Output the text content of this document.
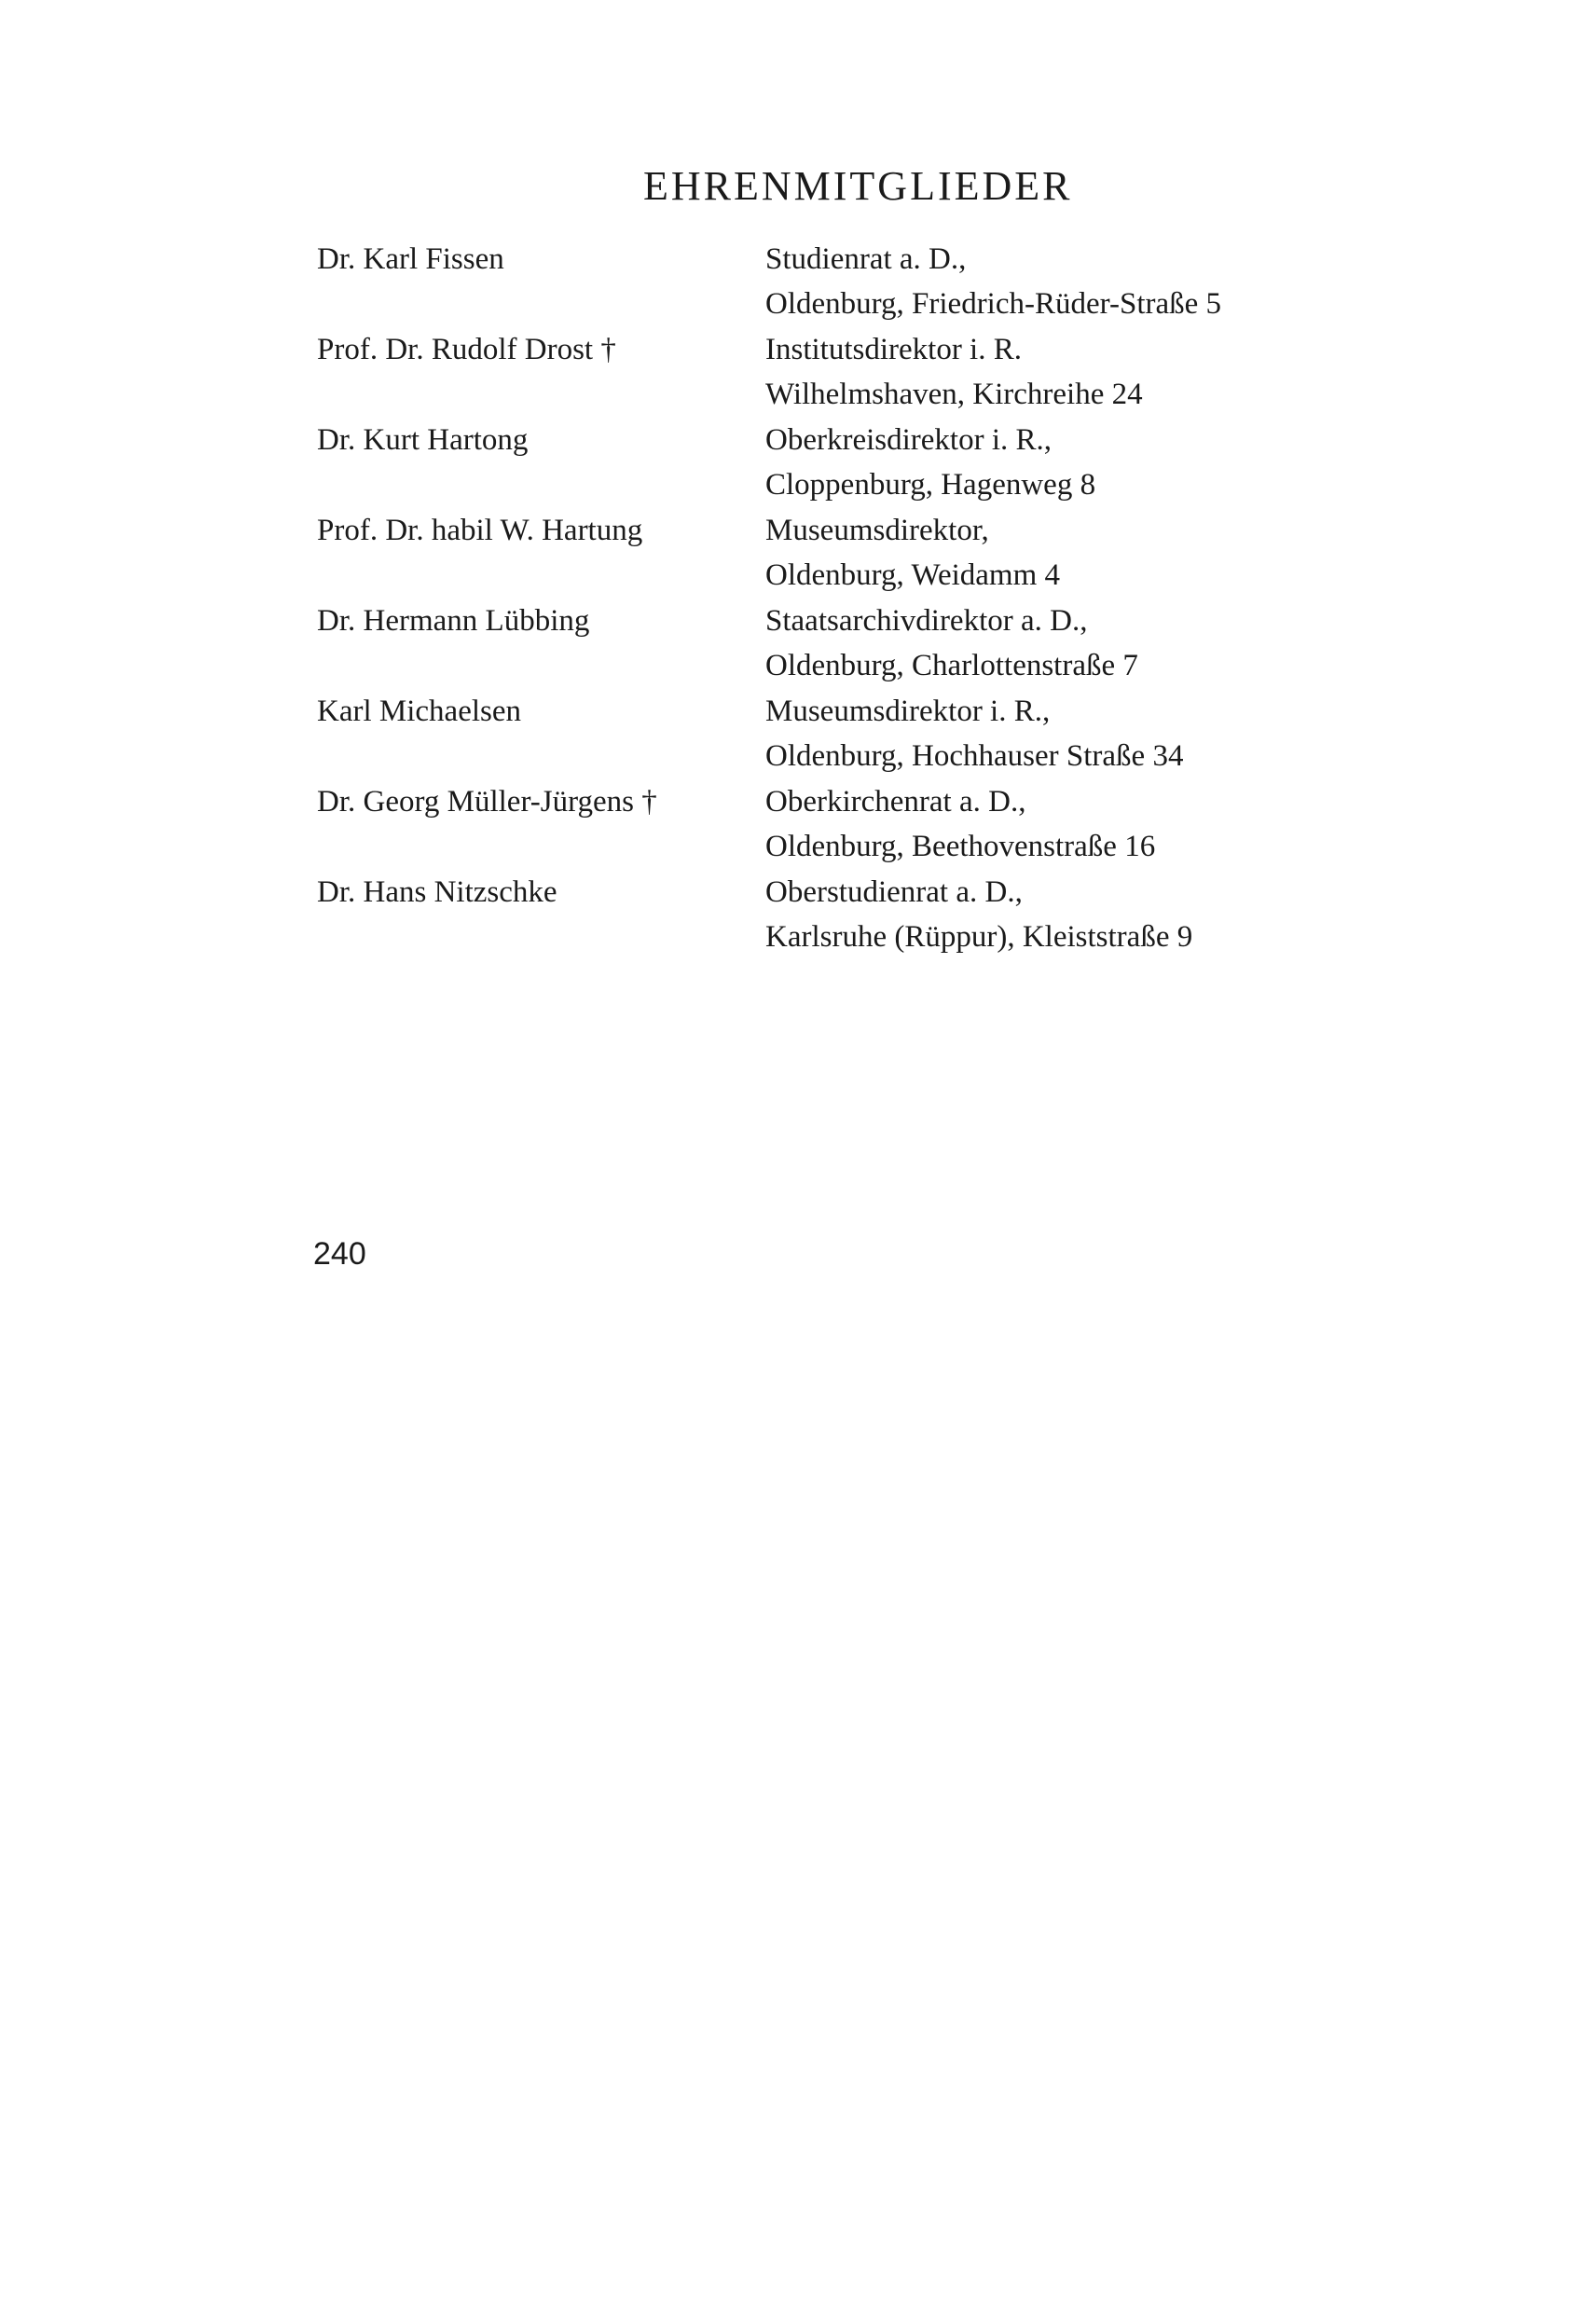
EHRENMITGLIEDER
Dr. Karl Fissen	Studienrat a. D.,
Oldenburg, Friedrich-Rüder-Straße 5
Prof. Dr. Rudolf Drost †	Institutsdirektor i. R.
Wilhelmshaven, Kirchreihe 24
Dr. Kurt Hartong	Oberkreisdirektor i. R.,
Cloppenburg, Hagenweg 8
Prof. Dr. habil W. Hartung	Museumsdirektor,
Oldenburg, Weidamm 4
Dr. Hermann Lübbing	Staatsarchivdirektor a. D.,
Oldenburg, Charlottenstraße 7
Karl Michaelsen	Museumsdirektor i. R.,
Oldenburg, Hochhauser Straße 34
Dr. Georg Müller-Jürgens †	Oberkirchenrat a. D.,
Oldenburg, Beethovenstraße 16
Dr. Hans Nitzschke	Oberstudienrat a. D.,
Karlsruhe (Rüppur), Kleiststraße 9
240
